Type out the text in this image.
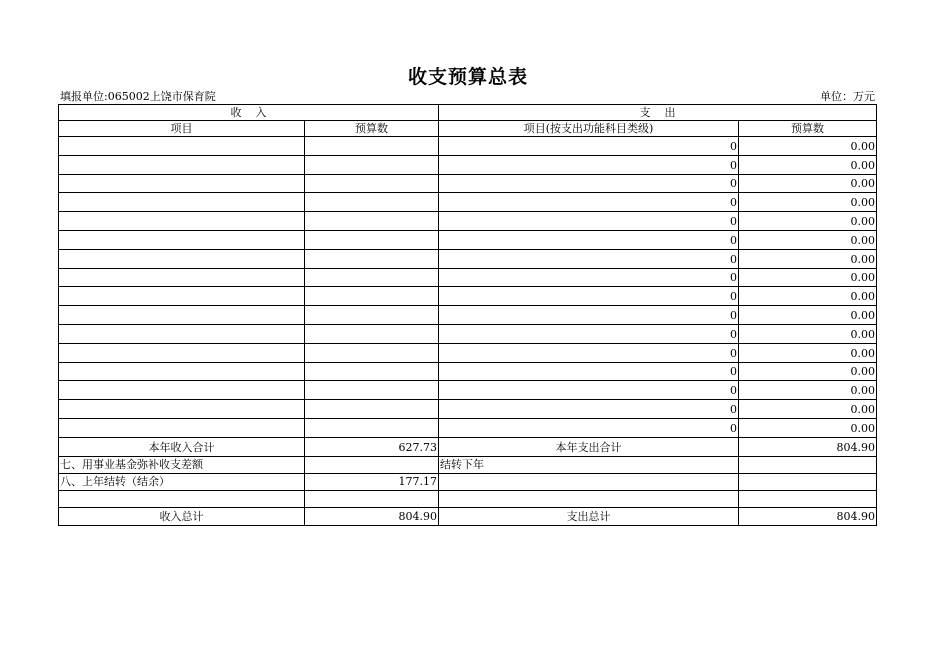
收支预算总表
填报单位:065002上饶市保育院	单位：万元
收    入		支    出	
项目	预算数	项目(按支出功能科目类级)	预算数
		0	0.00
		0	0.00
		0	0.00
		0	0.00
		0	0.00
		0	0.00
		0	0.00
		0	0.00
		0	0.00
		0	0.00
		0	0.00
		0	0.00
		0	0.00
		0	0.00
		0	0.00
		0	0.00
本年收入合计	627.73	本年支出合计	804.90
七、用事业基金弥补收支差额		结转下年	
八、上年结转（结余）	177.17		

收入总计	804.90	支出总计	804.90
